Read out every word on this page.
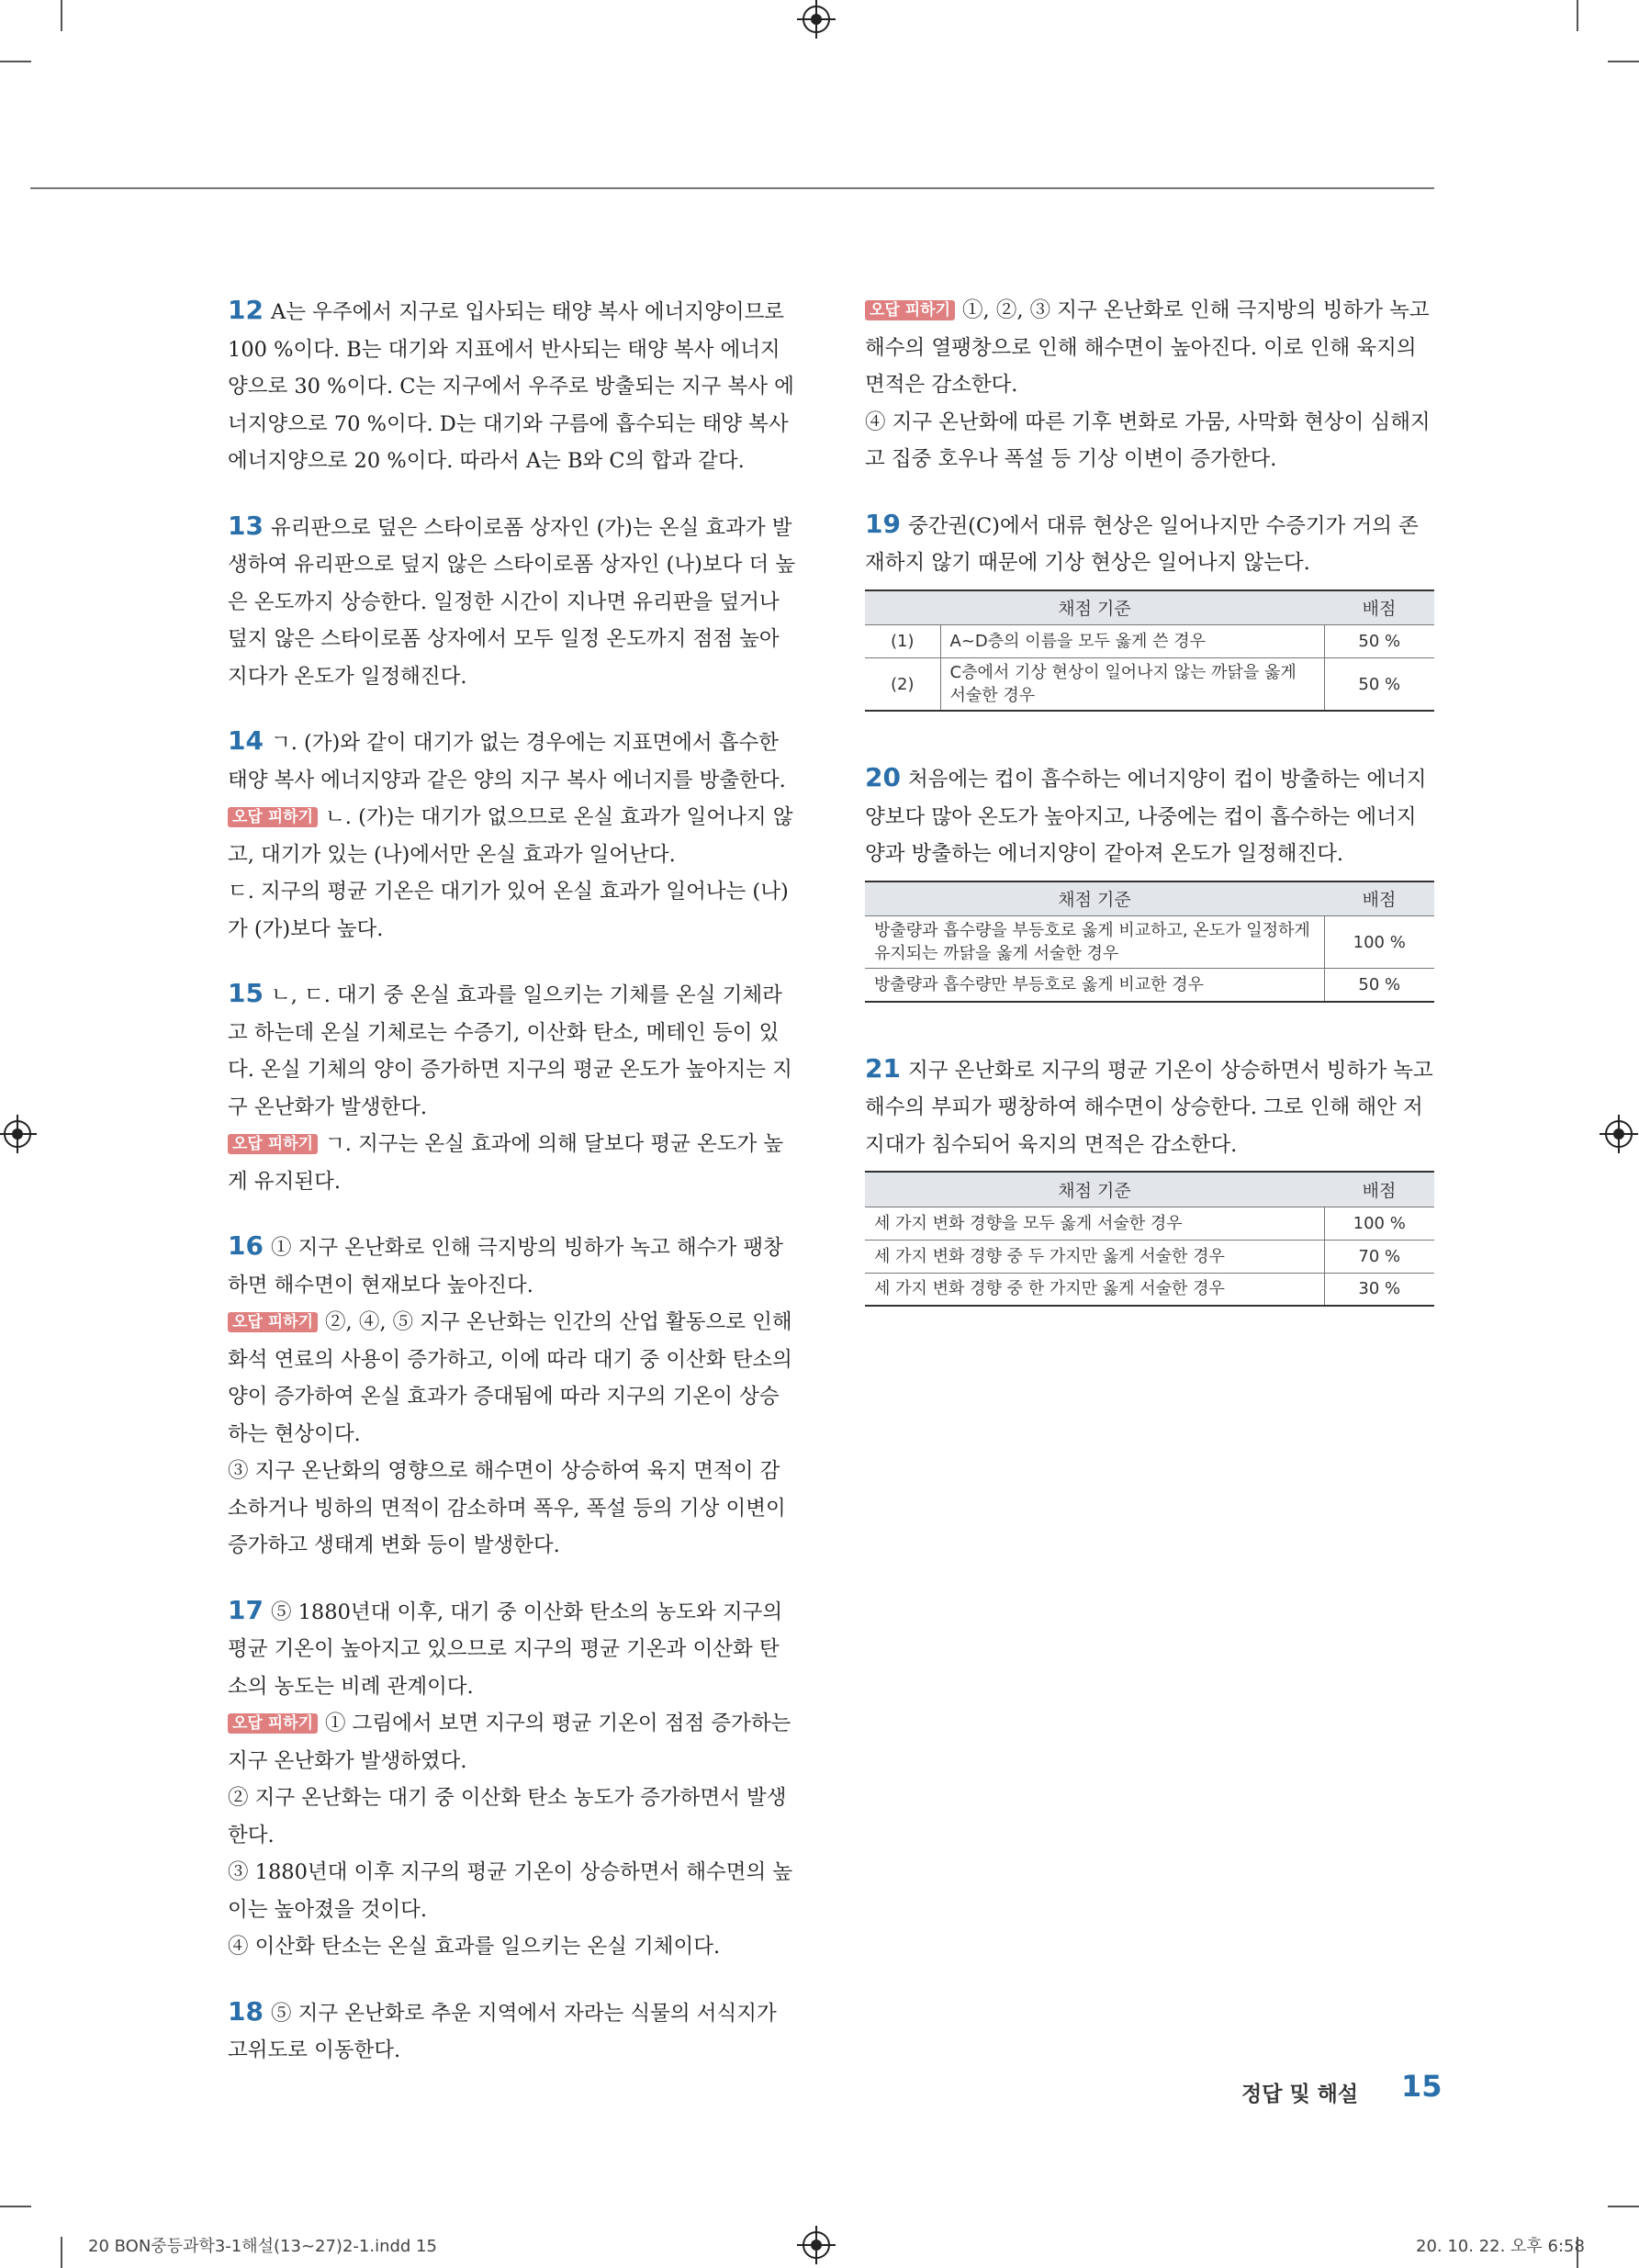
12 A는 우주에서 지구로 입사되는 태양 복사 에너지양이므로 100 %이다. B는 대기와 지표에서 반사되는 태양 복사 에너지양으로 30 %이다. C는 지구에서 우주로 방출되는 지구 복사 에너지양으로 70 %이다. D는 대기와 구름에 흡수되는 태양 복사 에너지양으로 20 %이다. 따라서 A는 B와 C의 합과 같다.

13 유리판으로 덮은 스타이로폼 상자인 (가)는 온실 효과가 발생하여 유리판으로 덮지 않은 스타이로폼 상자인 (나)보다 더 높은 온도까지 상승한다. 일정한 시간이 지나면 유리판을 덮거나 덮지 않은 스타이로폼 상자에서 모두 일정 온도까지 점점 높아지다가 온도가 일정해진다.

14 ㄱ. (가)와 같이 대기가 없는 경우에는 지표면에서 흡수한 태양 복사 에너지양과 같은 양의 지구 복사 에너지를 방출한다.

오답 피하기 ㄴ. (가)는 대기가 없으므로 온실 효과가 일어나지 않고, 대기가 있는 (나)에서만 온실 효과가 일어난다.

ㄷ. 지구의 평균 기온은 대기가 있어 온실 효과가 일어나는 (나)가 (가)보다 높다.

15 ㄴ, ㄷ. 대기 중 온실 효과를 일으키는 기체를 온실 기체라고 하는데 온실 기체로는 수증기, 이산화 탄소, 메테인 등이 있다. 온실 기체의 양이 증가하면 지구의 평균 온도가 높아지는 지구 온난화가 발생한다.

오답 피하기 ㄱ. 지구는 온실 효과에 의해 달보다 평균 온도가 높게 유지된다.

16 ① 지구 온난화로 인해 극지방의 빙하가 녹고 해수가 팽창하면 해수면이 현재보다 높아진다.

오답 피하기 ②, ④, ⑤ 지구 온난화는 인간의 산업 활동으로 인해 화석 연료의 사용이 증가하고, 이에 따라 대기 중 이산화 탄소의 양이 증가하여 온실 효과가 증대됨에 따라 지구의 기온이 상승하는 현상이다.

③ 지구 온난화의 영향으로 해수면이 상승하여 육지 면적이 감소하거나 빙하의 면적이 감소하며 폭우, 폭설 등의 기상 이변이 증가하고 생태계 변화 등이 발생한다.

17 ⑤ 1880년대 이후, 대기 중 이산화 탄소의 농도와 지구의 평균 기온이 높아지고 있으므로 지구의 평균 기온과 이산화 탄소의 농도는 비례 관계이다.

오답 피하기 ① 그림에서 보면 지구의 평균 기온이 점점 증가하는 지구 온난화가 발생하였다.

② 지구 온난화는 대기 중 이산화 탄소 농도가 증가하면서 발생한다.

③ 1880년대 이후 지구의 평균 기온이 상승하면서 해수면의 높이는 높아졌을 것이다.

④ 이산화 탄소는 온실 효과를 일으키는 온실 기체이다.

18 ⑤ 지구 온난화로 추운 지역에서 자라는 식물의 서식지가 고위도로 이동한다.

오답 피하기 ①, ②, ③ 지구 온난화로 인해 극지방의 빙하가 녹고 해수의 열팽창으로 인해 해수면이 높아진다. 이로 인해 육지의 면적은 감소한다.

④ 지구 온난화에 따른 기후 변화로 가뭄, 사막화 현상이 심해지고 집중 호우나 폭설 등 기상 이변이 증가한다.

19 중간권(C)에서 대류 현상은 일어나지만 수증기가 거의 존재하지 않기 때문에 기상 현상은 일어나지 않는다.

채점 기준		배점
(1)	A~D층의 이름을 모두 옳게 쓴 경우	50 %
(2)	C층에서 기상 현상이 일어나지 않는 까닭을 옳게 서술한 경우	50 %

20 처음에는 컵이 흡수하는 에너지양이 컵이 방출하는 에너지양보다 많아 온도가 높아지고, 나중에는 컵이 흡수하는 에너지양과 방출하는 에너지양이 같아져 온도가 일정해진다.

채점 기준	배점
방출량과 흡수량을 부등호로 옳게 비교하고, 온도가 일정하게 유지되는 까닭을 옳게 서술한 경우	100 %
방출량과 흡수량만 부등호로 옳게 비교한 경우	50 %

21 지구 온난화로 지구의 평균 기온이 상승하면서 빙하가 녹고 해수의 부피가 팽창하여 해수면이 상승한다. 그로 인해 해안 저지대가 침수되어 육지의 면적은 감소한다.

채점 기준	배점
세 가지 변화 경향을 모두 옳게 서술한 경우	100 %
세 가지 변화 경향 중 두 가지만 옳게 서술한 경우	70 %
세 가지 변화 경향 중 한 가지만 옳게 서술한 경우	30 %
정답 및 해설 15
20 BON중등과학3-1해설(13~27)2-1.indd 15	20. 10. 22. 오후 6:58
